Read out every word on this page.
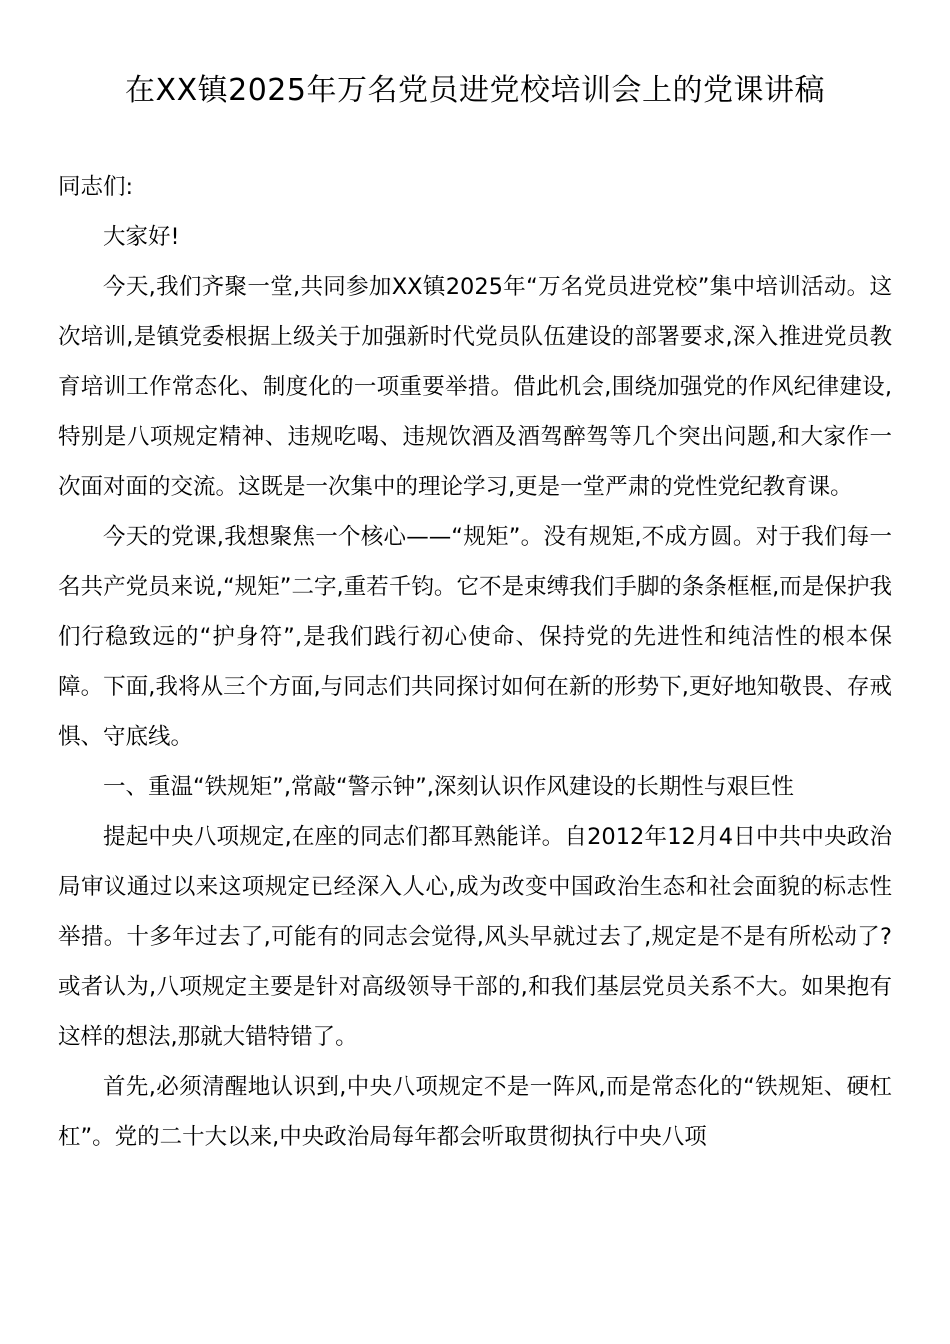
在XX镇2025年万名党员进党校培训会上的党课讲稿

同志们:

大家好!

今天,我们齐聚一堂,共同参加XX镇2025年“万名党员进党校”集中培训活动。这次培训,是镇党委根据上级关于加强新时代党员队伍建设的部署要求,深入推进党员教育培训工作常态化、制度化的一项重要举措。借此机会,围绕加强党的作风纪律建设,特别是八项规定精神、违规吃喝、违规饮酒及酒驾醉驾等几个突出问题,和大家作一次面对面的交流。这既是一次集中的理论学习,更是一堂严肃的党性党纪教育课。

今天的党课,我想聚焦一个核心——“规矩”。没有规矩,不成方圆。对于我们每一名共产党员来说,“规矩”二字,重若千钧。它不是束缚我们手脚的条条框框,而是保护我们行稳致远的“护身符”,是我们践行初心使命、保持党的先进性和纯洁性的根本保障。下面,我将从三个方面,与同志们共同探讨如何在新的形势下,更好地知敬畏、存戒惧、守底线。

一、重温“铁规矩”,常敲“警示钟”,深刻认识作风建设的长期性与艰巨性

提起中央八项规定,在座的同志们都耳熟能详。自2012年12月4日中共中央政治局审议通过以来这项规定已经深入人心,成为改变中国政治生态和社会面貌的标志性举措。十多年过去了,可能有的同志会觉得,风头早就过去了,规定是不是有所松动了?或者认为,八项规定主要是针对高级领导干部的,和我们基层党员关系不大。如果抱有这样的想法,那就大错特错了。

首先,必须清醒地认识到,中央八项规定不是一阵风,而是常态化的“铁规矩、硬杠杠”。党的二十大以来,中央政治局每年都会听取贯彻执行中央八项
